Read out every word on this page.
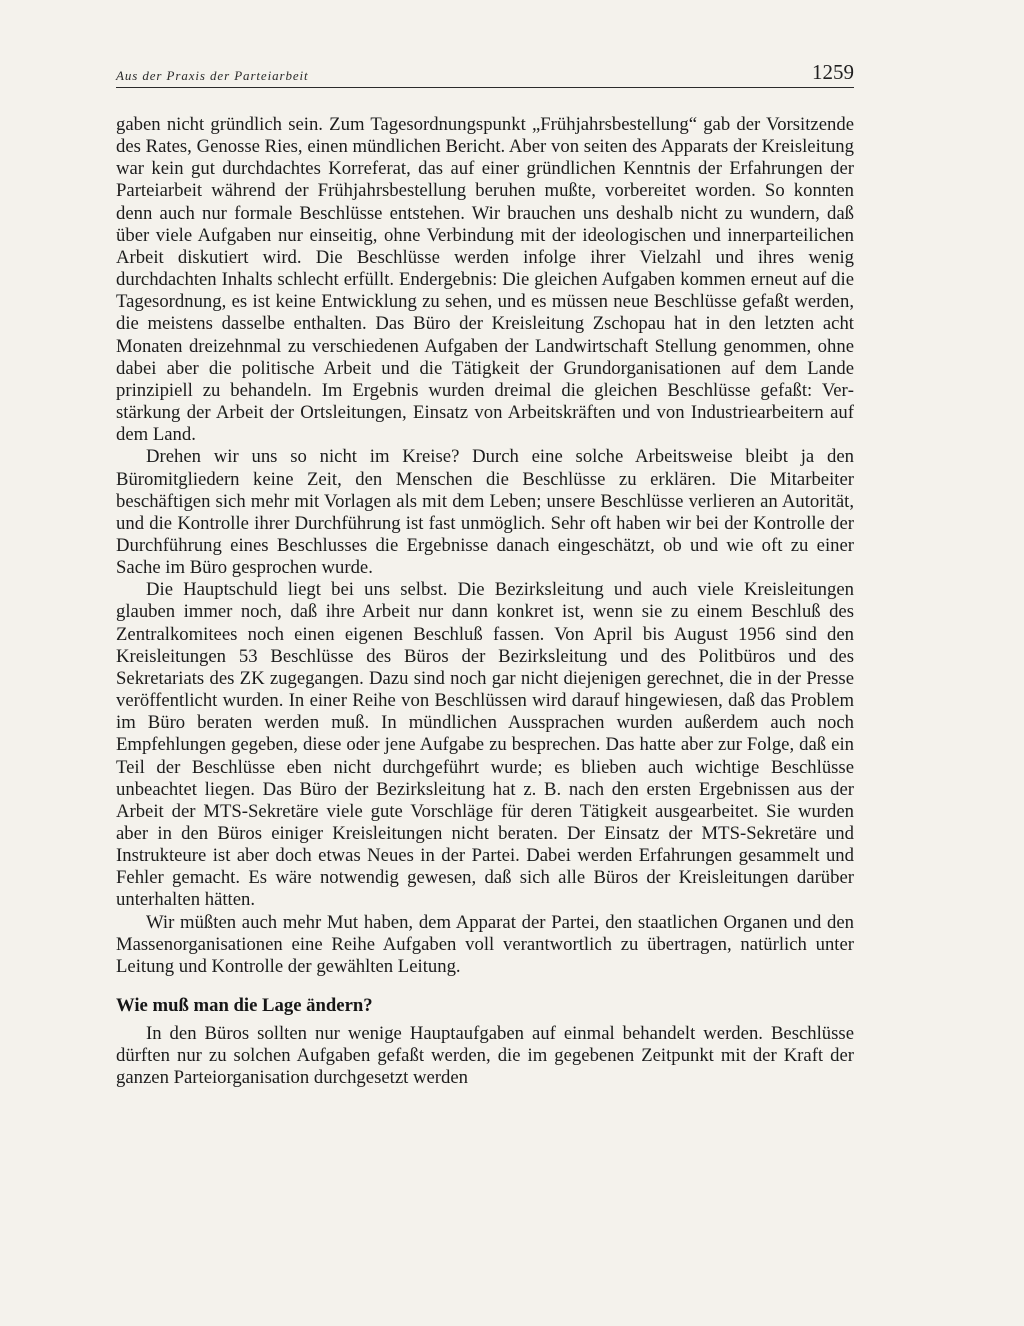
Aus der Praxis der Parteiarbeit	1259

gaben nicht gründlich sein. Zum Tagesordnungspunkt „Frühjahrsbestellung“ gab der Vorsitzende des Rates, Genosse Ries, einen mündlichen Bericht. Aber von seiten des Apparats der Kreisleitung war kein gut durchdachtes Korreferat, das auf einer gründlichen Kenntnis der Erfahrungen der Parteiarbeit während der Frühjahrsbestellung beruhen mußte, vorbereitet worden. So konnten denn auch nur formale Beschlüsse entstehen. Wir brauchen uns deshalb nicht zu wundern, daß über viele Aufgaben nur einseitig, ohne Verbindung mit der ideologischen und innerparteilichen Arbeit diskutiert wird. Die Beschlüsse werden infolge ihrer Vielzahl und ihres wenig durchdachten Inhalts schlecht erfüllt. Endergebnis: Die gleichen Aufgaben kommen erneut auf die Tagesordnung, es ist keine Entwicklung zu sehen, und es müssen neue Beschlüsse gefaßt werden, die meistens dasselbe enthalten. Das Büro der Kreisleitung Zschopau hat in den letzten acht Monaten dreizehnmal zu verschiedenen Aufgaben der Landwirtschaft Stellung genommen, ohne dabei aber die politische Arbeit und die Tätigkeit der Grundorganisationen auf dem Lande prinzipiell zu behandeln. Im Ergebnis wurden dreimal die gleichen Beschlüsse gefaßt: Verstärkung der Arbeit der Ortsleitungen, Einsatz von Arbeitskräften und von Industriearbeitern auf dem Land.

Drehen wir uns so nicht im Kreise? Durch eine solche Arbeitsweise bleibt ja den Büromitgliedern keine Zeit, den Menschen die Beschlüsse zu erklären. Die Mitarbeiter beschäftigen sich mehr mit Vorlagen als mit dem Leben; unsere Beschlüsse verlieren an Autorität, und die Kontrolle ihrer Durchführung ist fast unmöglich. Sehr oft haben wir bei der Kontrolle der Durchführung eines Beschlusses die Ergebnisse danach eingeschätzt, ob und wie oft zu einer Sache im Büro gesprochen wurde.

Die Hauptschuld liegt bei uns selbst. Die Bezirksleitung und auch viele Kreisleitungen glauben immer noch, daß ihre Arbeit nur dann konkret ist, wenn sie zu einem Beschluß des Zentralkomitees noch einen eigenen Beschluß fassen. Von April bis August 1956 sind den Kreisleitungen 53 Beschlüsse des Büros der Bezirksleitung und des Politbüros und des Sekretariats des ZK zugegangen. Dazu sind noch gar nicht diejenigen gerechnet, die in der Presse veröffentlicht wurden. In einer Reihe von Beschlüssen wird darauf hingewiesen, daß das Problem im Büro beraten werden muß. In mündlichen Aussprachen wurden außerdem auch noch Empfehlungen gegeben, diese oder jene Aufgabe zu besprechen. Das hatte aber zur Folge, daß ein Teil der Beschlüsse eben nicht durchgeführt wurde; es blieben auch wichtige Beschlüsse unbeachtet liegen. Das Büro der Bezirksleitung hat z. B. nach den ersten Ergebnissen aus der Arbeit der MTS-Sekretäre viele gute Vorschläge für deren Tätigkeit ausgearbeitet. Sie wurden aber in den Büros einiger Kreisleitungen nicht beraten. Der Einsatz der MTS-Sekretäre und Instrukteure ist aber doch etwas Neues in der Partei. Dabei werden Erfahrungen gesammelt und Fehler gemacht. Es wäre notwendig gewesen, daß sich alle Büros der Kreisleitungen darüber unterhalten hätten.

Wir müßten auch mehr Mut haben, dem Apparat der Partei, den staatlichen Organen und den Massenorganisationen eine Reihe Aufgaben voll verantwortlich zu übertragen, natürlich unter Leitung und Kontrolle der gewählten Leitung.

Wie muß man die Lage ändern?

In den Büros sollten nur wenige Hauptaufgaben auf einmal behandelt werden. Beschlüsse dürften nur zu solchen Aufgaben gefaßt werden, die im gegebenen Zeitpunkt mit der Kraft der ganzen Parteiorganisation durchgesetzt werden
